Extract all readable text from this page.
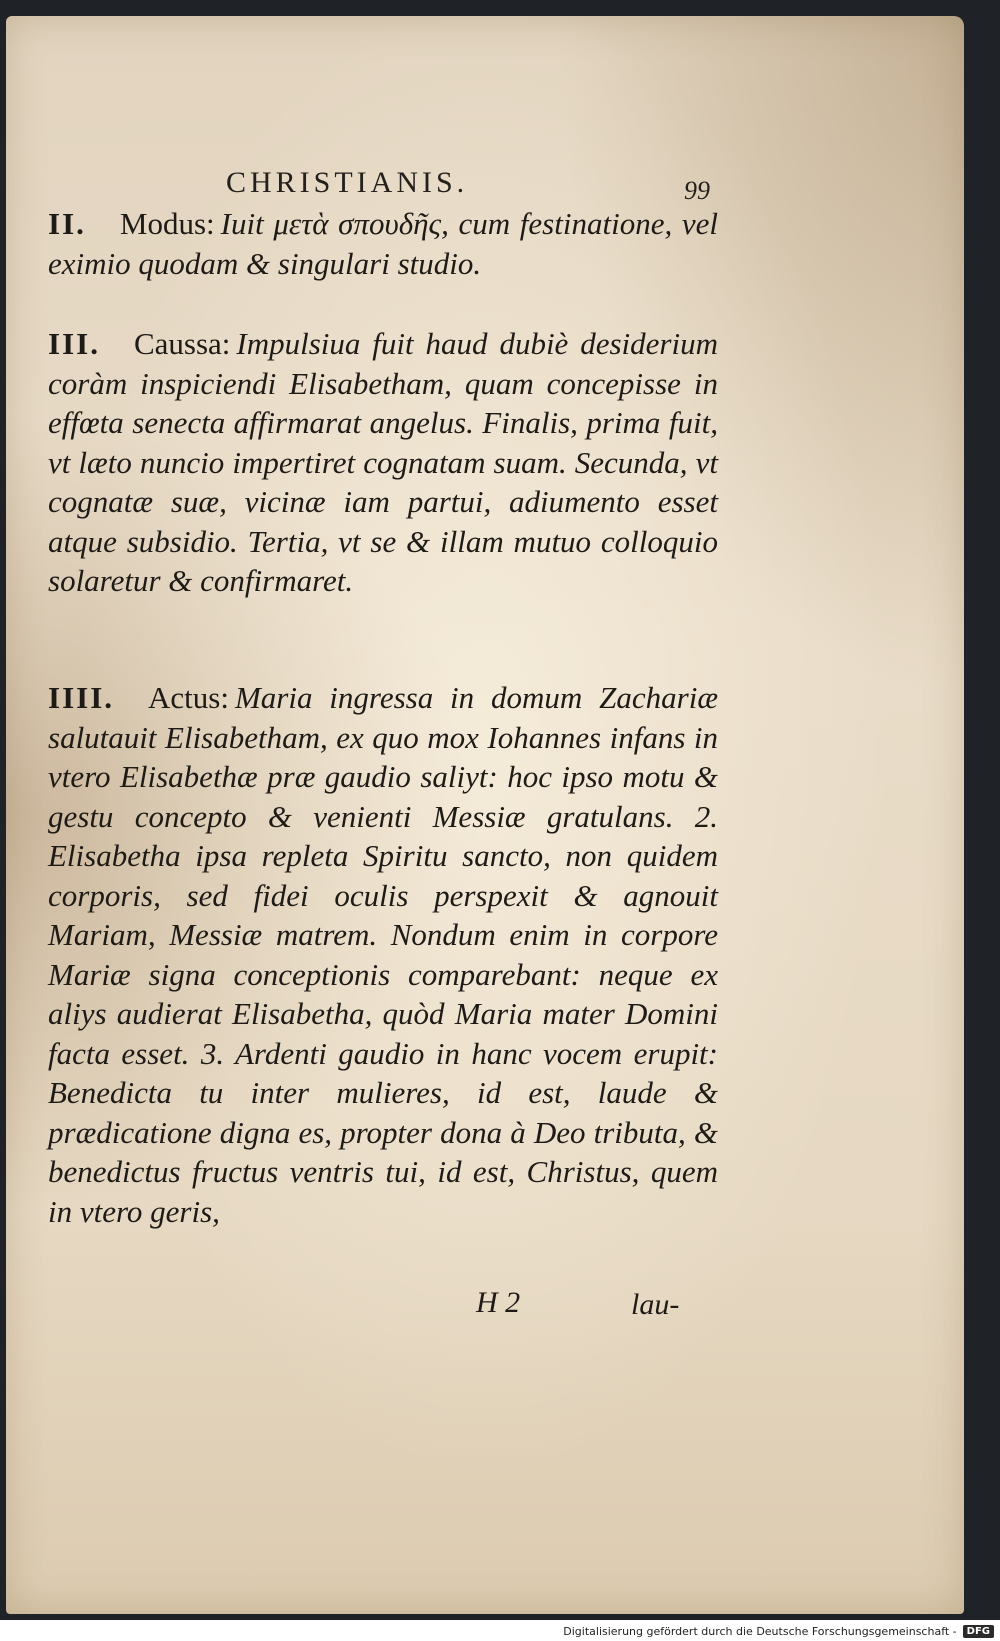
CHRISTIANIS.	99
II. Modus: Iuit μετὰ σπουδῆς, cum festinatione, vel eximio quodam & singulari studio.
III. Caussa: Impulsiua fuit haud dubiè desiderium coràm inspiciendi Elisabetham, quam concepisse in effœta senecta affirmarat angelus. Finalis, prima fuit, vt læto nuncio impertiret cognatam suam. Secunda, vt cognatæ suæ, vicinæ iam partui, adiumento esset atque subsidio. Tertia, vt se & illam mutuo colloquio solaretur & confirmaret.
IIII. Actus: Maria ingressa in domum Zachariæ salutauit Elisabetham, ex quo mox Iohannes infans in vtero Elisabethæ præ gaudio saliyt: hoc ipso motu & gestu concepto & venienti Messiæ gratulans. 2. Elisabetha ipsa repleta Spiritu sancto, non quidem corporis, sed fidei oculis perspexit & agnouit Mariam, Messiæ matrem. Nondum enim in corpore Mariæ signa conceptionis comparebant: neque ex aliys audierat Elisabetha, quòd Maria mater Domini facta esset. 3. Ardenti gaudio in hanc vocem erupit: Benedicta tu inter mulieres, id est, laude & prædicatione digna es, propter dona à Deo tributa, & benedictus fructus ventris tui, id est, Christus, quem in vtero geris,
H 2	lau-
Digitalisierung gefördert durch die Deutsche Forschungsgemeinschaft -	DFG
